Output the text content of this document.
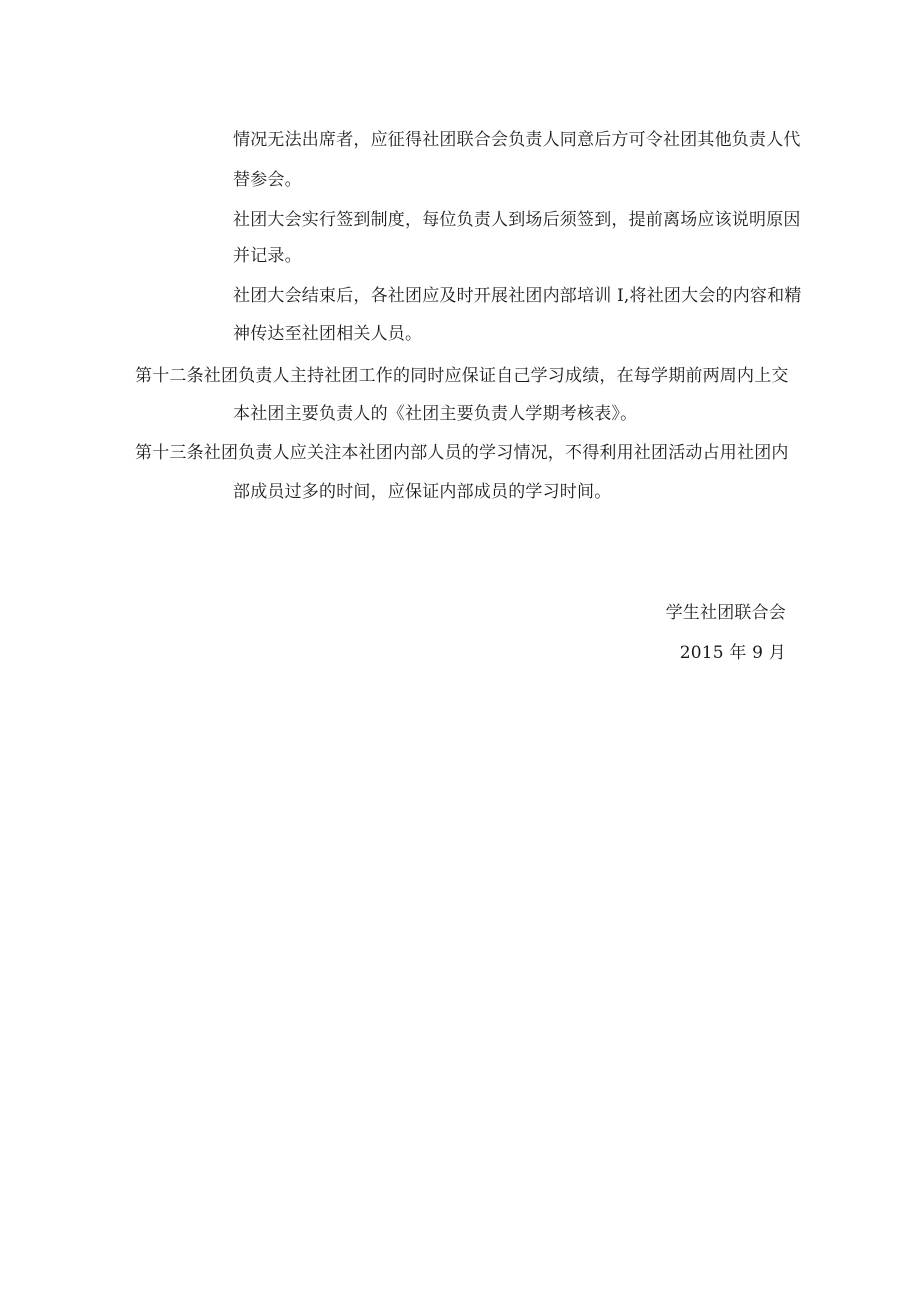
情况无法出席者，应征得社团联合会负责人同意后方可令社团其他负责人代
替参会。
社团大会实行签到制度，每位负责人到场后须签到，提前离场应该说明原因
并记录。
社团大会结束后，各社团应及时开展社团内部培训 I,将社团大会的内容和精
神传达至社团相关人员。
第十二条社团负责人主持社团工作的同时应保证自己学习成绩，在每学期前两周内上交
本社团主要负责人的《社团主要负责人学期考核表》。
第十三条社团负责人应关注本社团内部人员的学习情况，不得利用社团活动占用社团内
部成员过多的时间，应保证内部成员的学习时间。
学生社团联合会
2015 年 9 月
